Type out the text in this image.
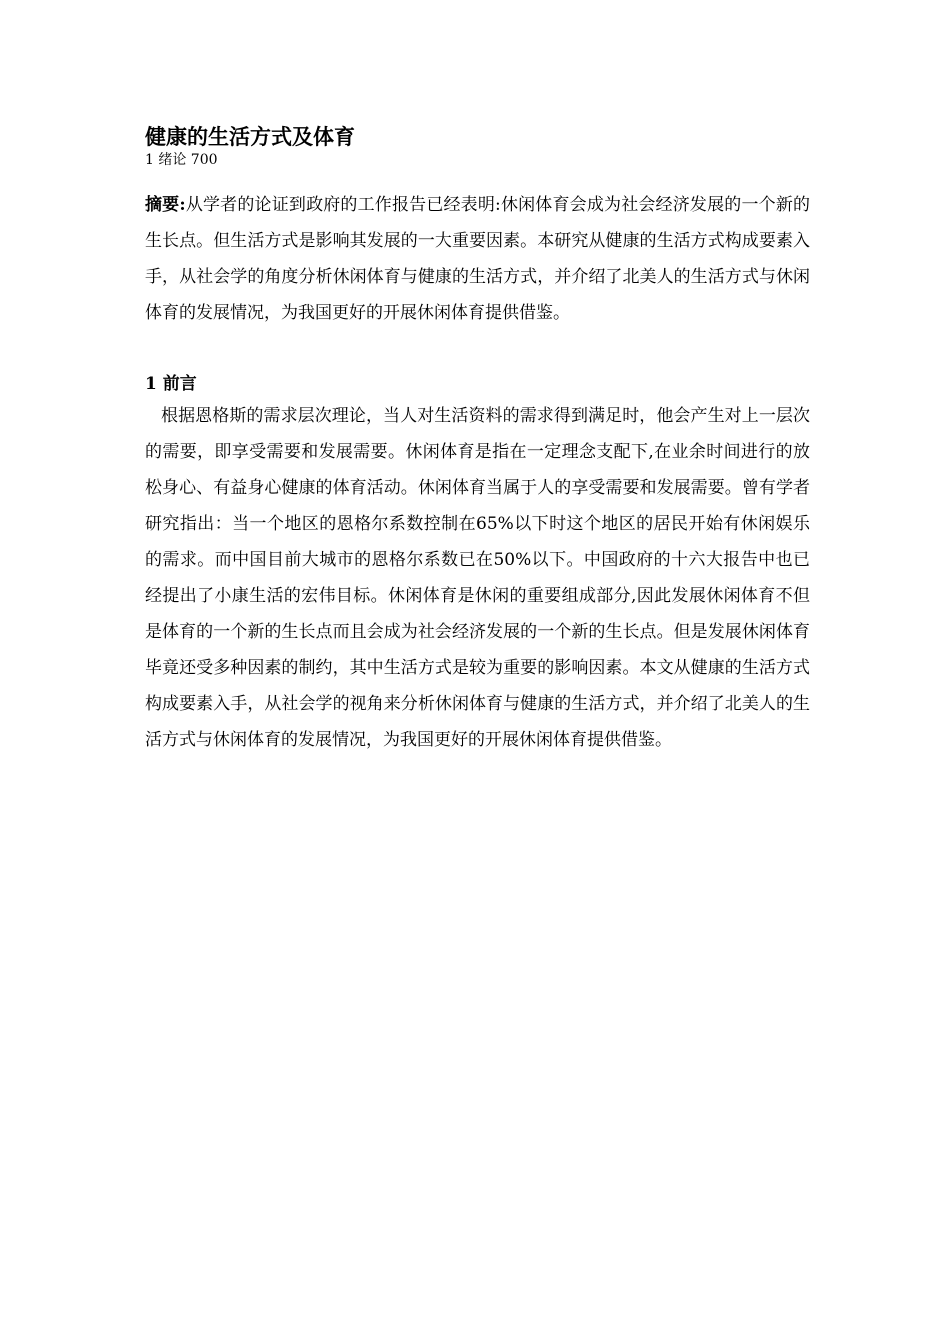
健康的生活方式及体育
1 绪论 700

摘要:从学者的论证到政府的工作报告已经表明:休闲体育会成为社会经济发展的一个新的生长点。但生活方式是影响其发展的一大重要因素。本研究从健康的生活方式构成要素入手，从社会学的角度分析休闲体育与健康的生活方式，并介绍了北美人的生活方式与休闲体育的发展情况，为我国更好的开展休闲体育提供借鉴。

1 前言

根据恩格斯的需求层次理论，当人对生活资料的需求得到满足时，他会产生对上一层次的需要，即享受需要和发展需要。休闲体育是指在一定理念支配下,在业余时间进行的放松身心、有益身心健康的体育活动。休闲体育当属于人的享受需要和发展需要。曾有学者研究指出：当一个地区的恩格尔系数控制在65%以下时这个地区的居民开始有休闲娱乐的需求。而中国目前大城市的恩格尔系数已在50%以下。中国政府的十六大报告中也已经提出了小康生活的宏伟目标。休闲体育是休闲的重要组成部分,因此发展休闲体育不但是体育的一个新的生长点而且会成为社会经济发展的一个新的生长点。但是发展休闲体育毕竟还受多种因素的制约，其中生活方式是较为重要的影响因素。本文从健康的生活方式构成要素入手，从社会学的视角来分析休闲体育与健康的生活方式，并介绍了北美人的生活方式与休闲体育的发展情况，为我国更好的开展休闲体育提供借鉴。
